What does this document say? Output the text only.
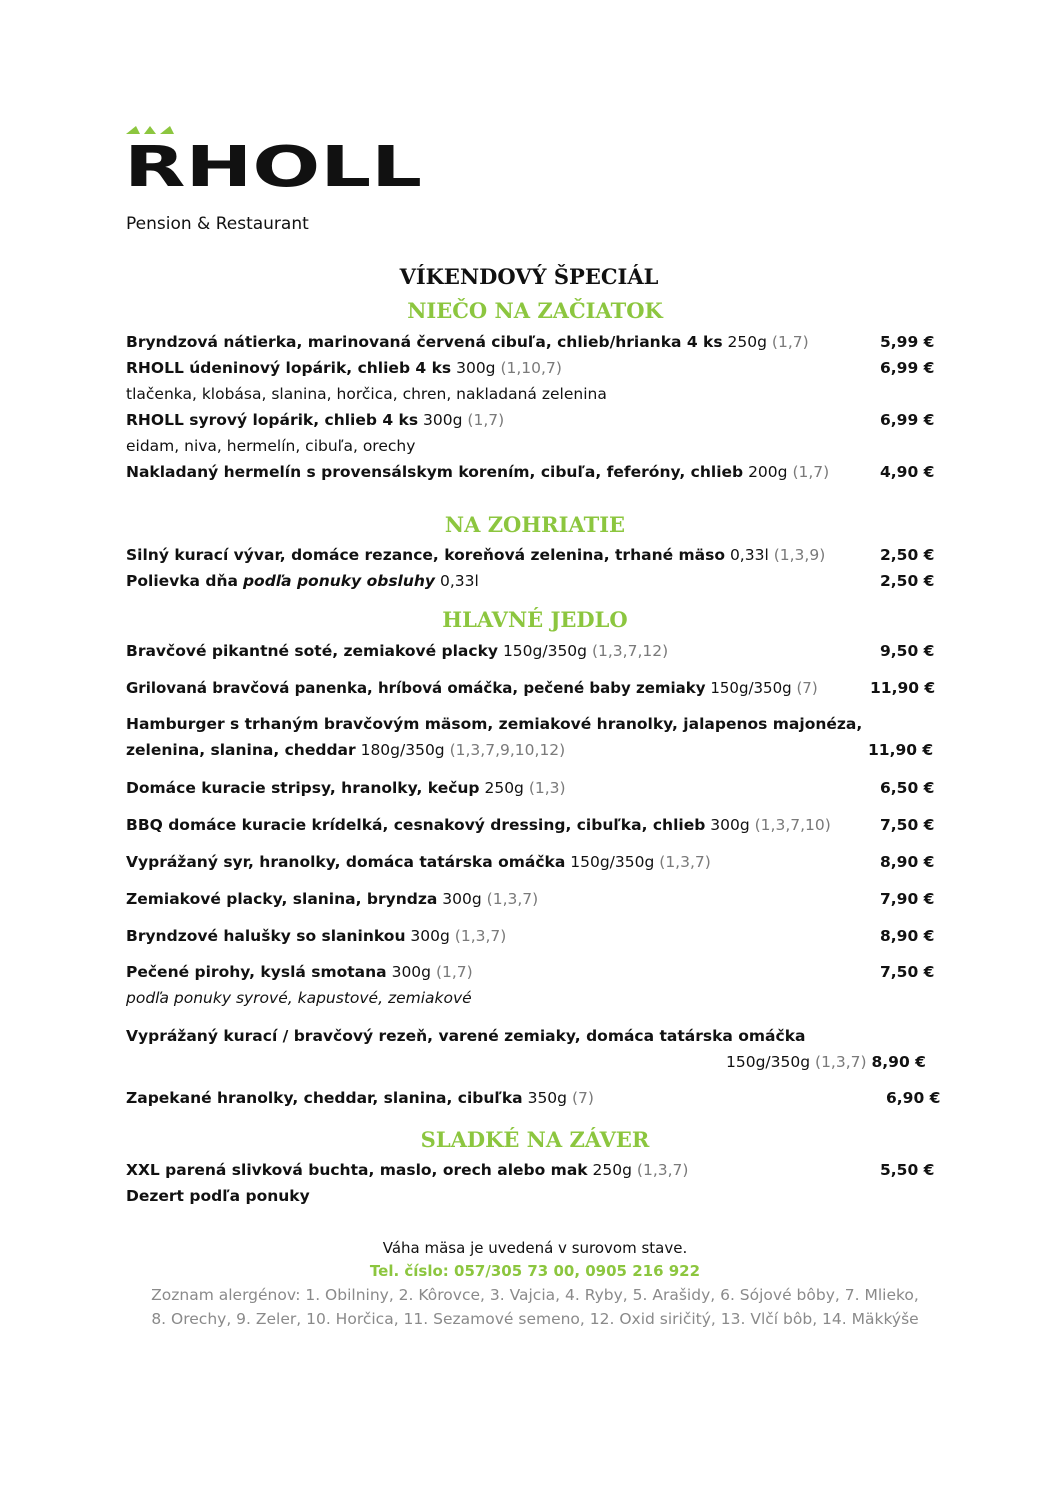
RHOLL
Pension & Restaurant
VÍKENDOVÝ ŠPECIÁL
NIEČO NA ZAČIATOK
Bryndzová nátierka, marinovaná červená cibuľa, chlieb/hrianka 4 ks 250g (1,7)	5,99 €
RHOLL údeninový lopárik, chlieb 4 ks 300g (1,10,7)	6,99 €
tlačenka, klobása, slanina, horčica, chren, nakladaná zelenina
RHOLL syrový lopárik, chlieb 4 ks 300g (1,7)	6,99 €
eidam, niva, hermelín, cibuľa, orechy
Nakladaný hermelín s provensálskym korením, cibuľa, feferóny, chlieb 200g (1,7)	4,90 €
NA ZOHRIATIE
Silný kurací vývar, domáce rezance, koreňová zelenina, trhané mäso 0,33l (1,3,9)	2,50 €
Polievka dňa podľa ponuky obsluhy 0,33l	2,50 €
HLAVNÉ JEDLO
Bravčové pikantné soté, zemiakové placky 150g/350g (1,3,7,12)	9,50 €
Grilovaná bravčová panenka, hríbová omáčka, pečené baby zemiaky 150g/350g (7)	11,90 €
Hamburger s trhaným bravčovým mäsom, zemiakové hranolky, jalapenos majonéza,
zelenina, slanina, cheddar 180g/350g (1,3,7,9,10,12)	11,90 €
Domáce kuracie stripsy, hranolky, kečup 250g (1,3)	6,50 €
BBQ domáce kuracie krídelká, cesnakový dressing, cibuľka, chlieb 300g (1,3,7,10)	7,50 €
Vyprážaný syr, hranolky, domáca tatárska omáčka 150g/350g (1,3,7)	8,90 €
Zemiakové placky, slanina, bryndza 300g (1,3,7)	7,90 €
Bryndzové halušky so slaninkou 300g (1,3,7)	8,90 €
Pečené pirohy, kyslá smotana 300g (1,7)	7,50 €
podľa ponuky syrové, kapustové, zemiakové
Vyprážaný kurací / bravčový rezeň, varené zemiaky, domáca tatárska omáčka
150g/350g (1,3,7) 8,90 €
Zapekané hranolky, cheddar, slanina, cibuľka 350g (7)	6,90 €
SLADKÉ NA ZÁVER
XXL parená slivková buchta, maslo, orech alebo mak 250g (1,3,7)	5,50 €
Dezert podľa ponuky
Váha mäsa je uvedená v surovom stave.
Tel. číslo: 057/305 73 00, 0905 216 922
Zoznam alergénov: 1. Obilniny, 2. Kôrovce, 3. Vajcia, 4. Ryby, 5. Arašidy, 6. Sójové bôby, 7. Mlieko,
8. Orechy, 9. Zeler, 10. Horčica, 11. Sezamové semeno, 12. Oxid siričitý, 13. Vlčí bôb, 14. Mäkkýše
